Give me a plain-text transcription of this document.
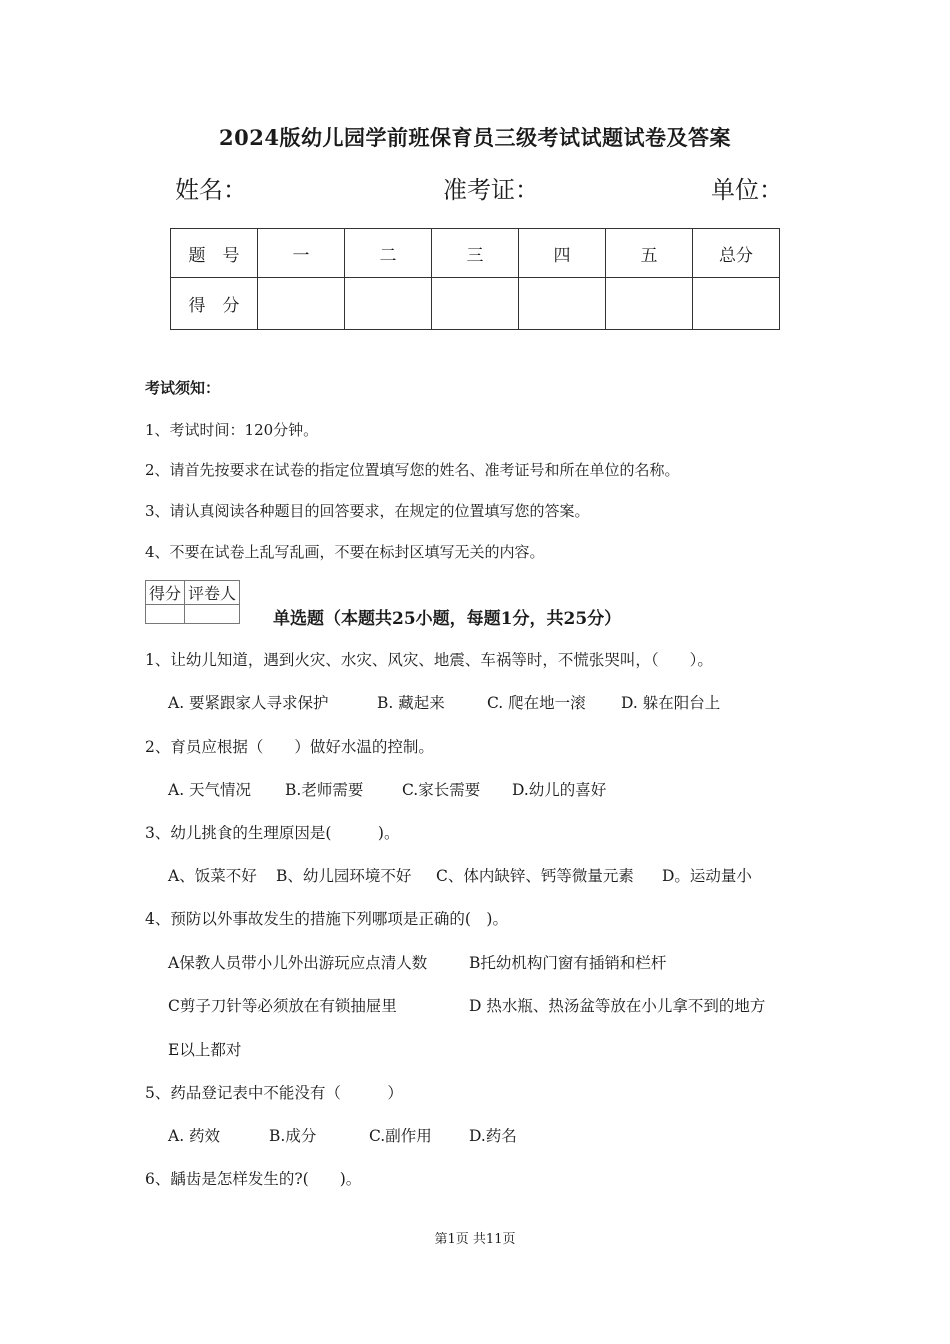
2024版幼儿园学前班保育员三级考试试题试卷及答案
姓名：	准考证：	单位：
题　号	一	二	三	四	五	总分
得　分						
考试须知：
1、考试时间：120分钟。
2、请首先按要求在试卷的指定位置填写您的姓名、准考证号和所在单位的名称。
3、请认真阅读各种题目的回答要求，在规定的位置填写您的答案。
4、不要在试卷上乱写乱画，不要在标封区填写无关的内容。
得分	评卷人

单选题（本题共25小题，每题1分，共25分）
1、让幼儿知道，遇到火灾、水灾、风灾、地震、车祸等时，不慌张哭叫，（　　）。
A. 要紧跟家人寻求保护	B. 藏起来	C. 爬在地一滚 D. 躲在阳台上
2、育员应根据（　　）做好水温的控制。
A. 天气情况 B.老师需要 C.家长需要 D.幼儿的喜好
3、幼儿挑食的生理原因是(　　　)。
A、饭菜不好 B、幼儿园环境不好 C、体内缺锌、钙等微量元素 D。运动量小
4、预防以外事故发生的措施下列哪项是正确的(　)。
A保教人员带小儿外出游玩应点清人数	B托幼机构门窗有插销和栏杆
C剪子刀针等必须放在有锁抽屉里	D 热水瓶、热汤盆等放在小儿拿不到的地方
E以上都对
5、药品登记表中不能没有（　　　）
A. 药效	B.成分	C.副作用 D.药名
6、龋齿是怎样发生的?(　　)。
第1页 共11页
